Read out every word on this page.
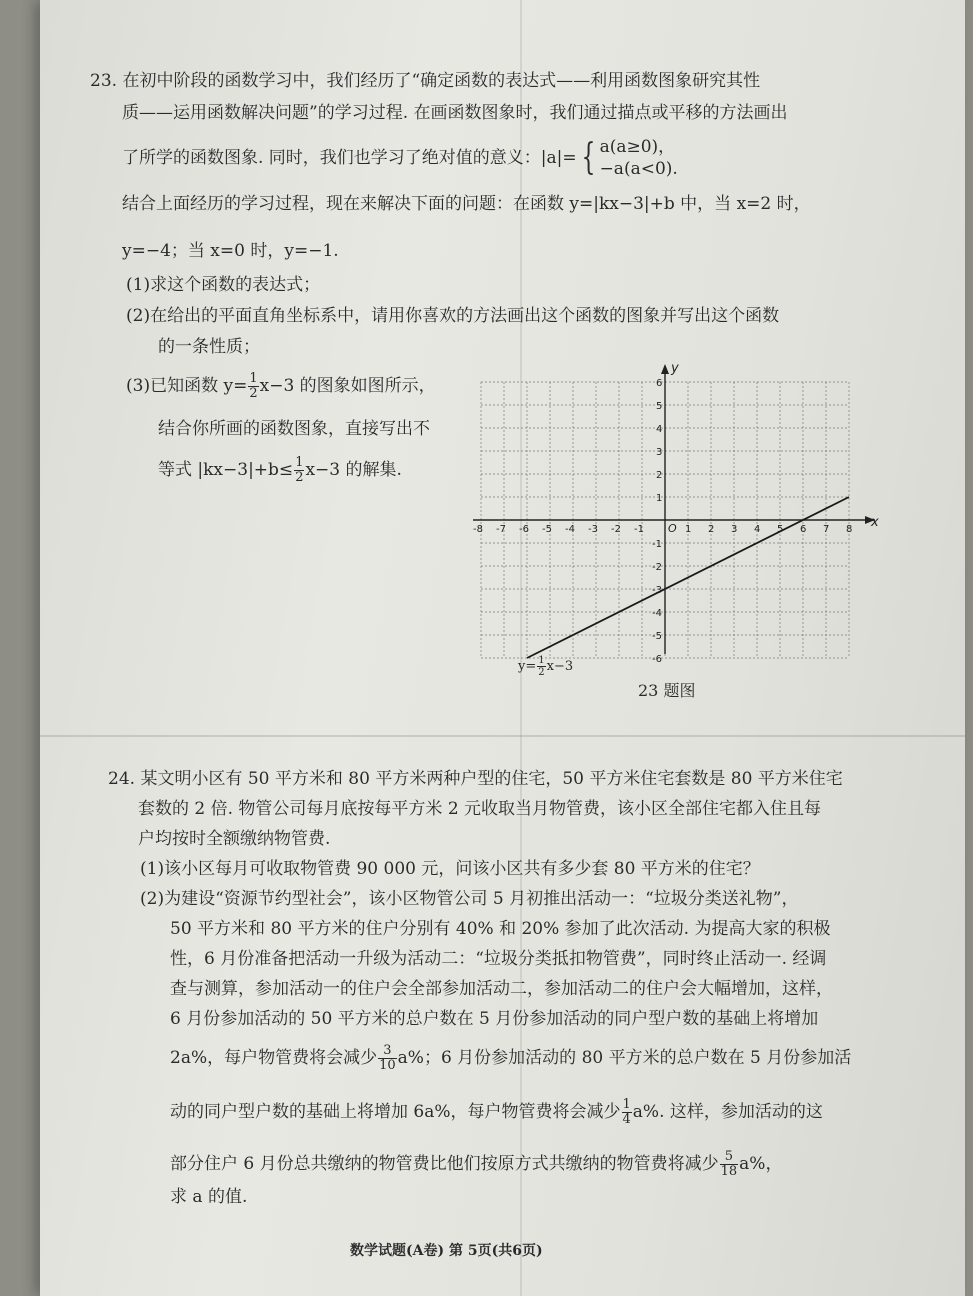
23. 在初中阶段的函数学习中，我们经历了“确定函数的表达式——利用函数图象研究其性
质——运用函数解决问题”的学习过程. 在画函数图象时，我们通过描点或平移的方法画出
了所学的函数图象. 同时，我们也学习了绝对值的意义：|a|= { a(a≥0)，
−a(a<0).
结合上面经历的学习过程，现在来解决下面的问题：在函数 y=|kx−3|+b 中，当 x=2 时，
y=−4；当 x=0 时，y=−1.
(1)求这个函数的表达式；
(2)在给出的平面直角坐标系中，请用你喜欢的方法画出这个函数的图象并写出这个函数
的一条性质；
(3)已知函数 $y= \frac{1}{2} x-3$ 的图象如图所示，
结合你所画的函数图象，直接写出不
等式 $|kx-3|+b\le \frac{1}{2} x-3$ 的解集.
x
y
O
-8 -7 -6 -5 -4 -3 -2 -1	1 2 3 4 5 6 7 8
6
5
4
3
2
1
-1
-2
-3
-4
-5
-6
$y= \frac{1}{2} x-3$
23 题图
24. 某文明小区有 50 平方米和 80 平方米两种户型的住宅，50 平方米住宅套数是 80 平方米住宅
套数的 2 倍. 物管公司每月底按每平方米 2 元收取当月物管费，该小区全部住宅都入住且每
户均按时全额缴纳物管费.
(1)该小区每月可收取物管费 90 000 元，问该小区共有多少套 80 平方米的住宅？
(2)为建设“资源节约型社会”，该小区物管公司 5 月初推出活动一：“垃圾分类送礼物”，
50 平方米和 80 平方米的住户分别有 40% 和 20% 参加了此次活动. 为提高大家的积极
性，6 月份准备把活动一升级为活动二：“垃圾分类抵扣物管费”，同时终止活动一. 经调
查与测算，参加活动一的住户会全部参加活动二，参加活动二的住户会大幅增加，这样，
6 月份参加活动的 50 平方米的总户数在 5 月份参加活动的同户型户数的基础上将增加
2a%，每户物管费将会减少 $\frac{3}{10} a\%$；6 月份参加活动的 80 平方米的总户数在 5 月份参加活
动的同户型户数的基础上将增加 6a%，每户物管费将会减少 $\frac{1}{4} a\%$. 这样，参加活动的这
部分住户 6 月份总共缴纳的物管费比他们按原方式共缴纳的物管费将减少 $\frac{5}{18} a\%$，
求 a 的值.
数学试题(A卷) 第 5页(共6页)
